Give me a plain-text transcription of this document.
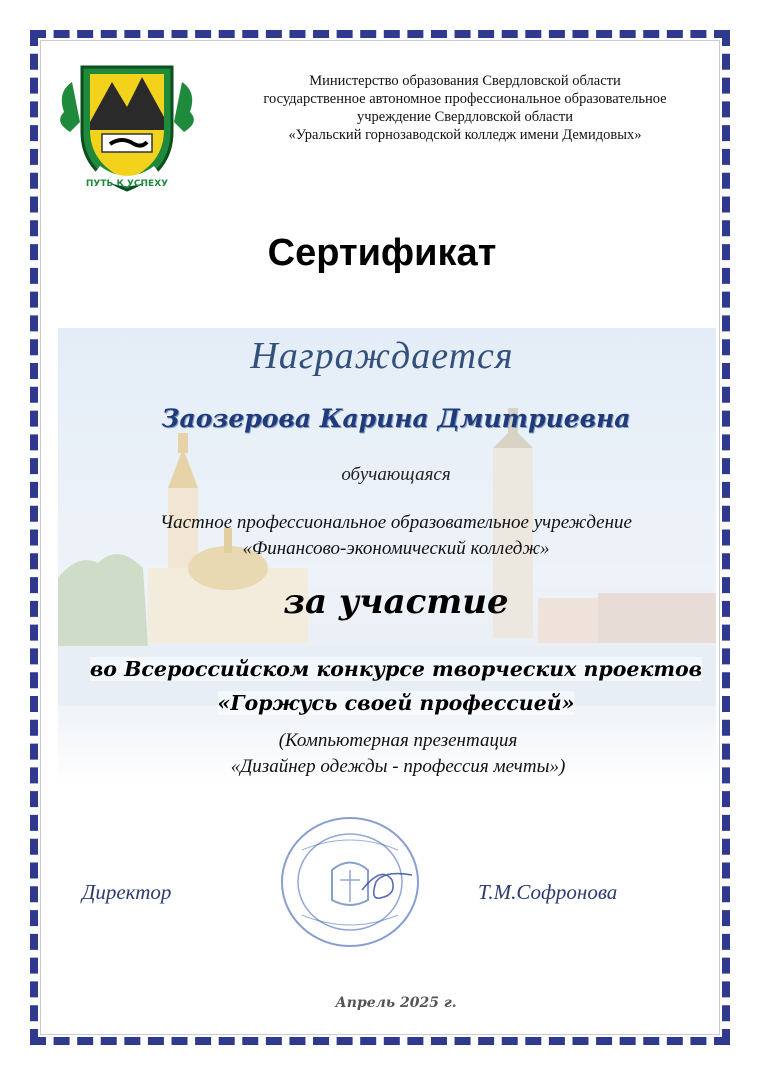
ПУТЬ К УСПЕХУ
Министерство образования Свердловской области
государственное автономное профессиональное образовательное
учреждение Свердловской области
«Уральский горнозаводской колледж имени Демидовых»
Сертификат
Награждается
Заозерова Карина Дмитриевна
обучающаяся
Частное профессиональное образовательное учреждение
«Финансово-экономический колледж»
за участие
во Всероссийском конкурсе творческих проектов
«Горжусь своей профессией»
(Компьютерная презентация
«Дизайнер одежды - профессия мечты»)
Директор	Т.М.Софронова
Апрель 2025 г.
